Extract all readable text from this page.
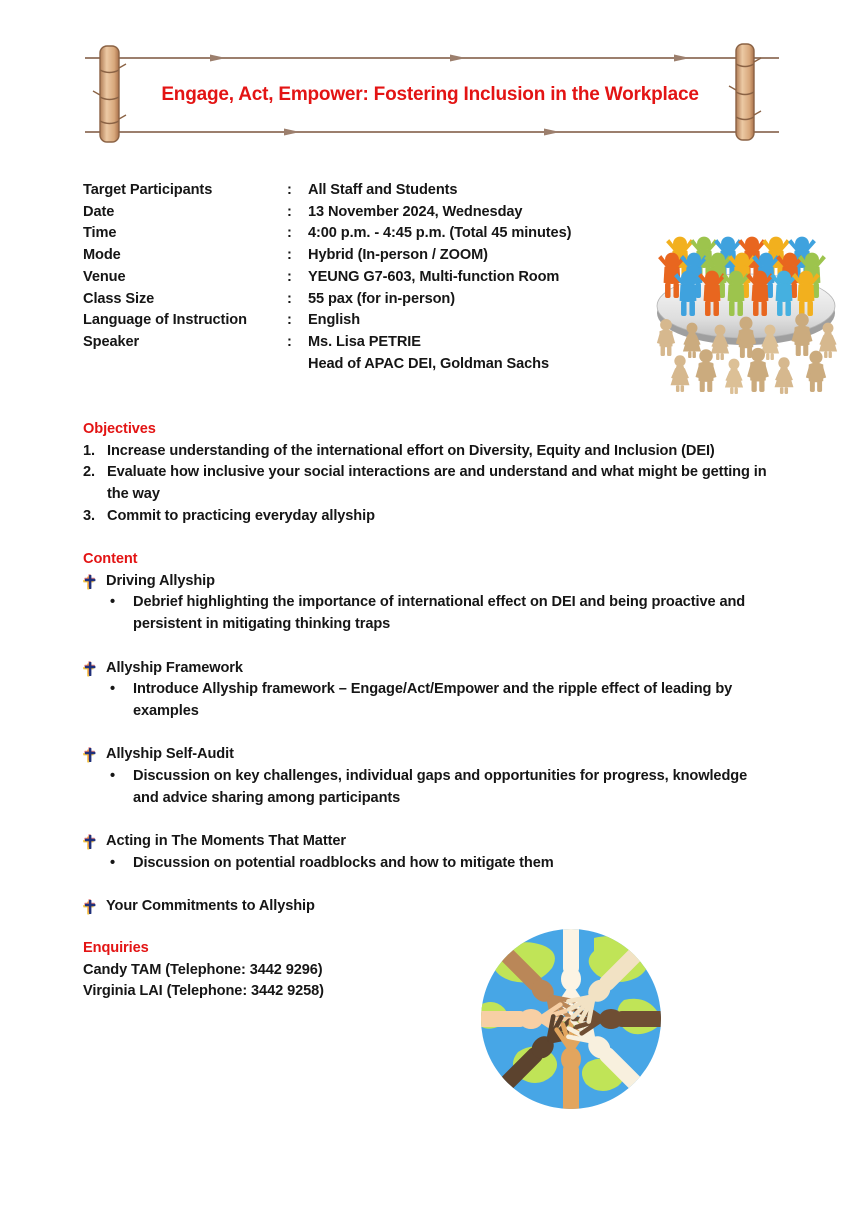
Engage, Act, Empower: Fostering Inclusion in the Workplace
Target Participants	:	All Staff and Students
Date	:	13 November 2024, Wednesday
Time	:	4:00 p.m. - 4:45 p.m. (Total 45 minutes)
Mode	:	Hybrid (In-person / ZOOM)
Venue	:	YEUNG G7-603, Multi-function Room
Class Size	:	55 pax (for in-person)
Language of Instruction	:	English
Speaker	:	Ms. Lisa PETRIE
Head of APAC DEI, Goldman Sachs
Objectives
1. Increase understanding of the international effort on Diversity, Equity and Inclusion (DEI)
2. Evaluate how inclusive your social interactions are and understand and what might be getting in the way
3. Commit to practicing everyday allyship
Content
Driving Allyship
•	Debrief highlighting the importance of international effect on DEI and being proactive and persistent in mitigating thinking traps
Allyship Framework
•	Introduce Allyship framework – Engage/Act/Empower and the ripple effect of leading by examples
Allyship Self-Audit
•	Discussion on key challenges, individual gaps and opportunities for progress, knowledge and advice sharing among participants
Acting in The Moments That Matter
•	Discussion on potential roadblocks and how to mitigate them
Your Commitments to Allyship
Enquiries
Candy TAM (Telephone: 3442 9296)
Virginia LAI (Telephone: 3442 9258)
